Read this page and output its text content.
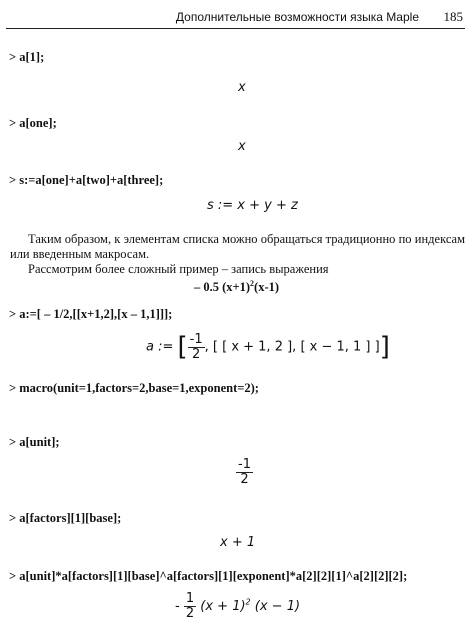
Дополнительные возможности языка Maple 185
> a[1];
x
> a[one];
x
> s:=a[one]+a[two]+a[three];
s := x + y + z

Таким образом, к элементам списка можно обращаться традиционно по индексам или введенным макросам.

Рассмотрим более сложный пример – запись выражения

– 0.5 $(x+1)^2(x-1)$
> a:=[ – 1/2,[[x+1,2],[x – 1,1]]];
a := [ $\frac{-1}{2}$ , [ [ x + 1, 2 ], [ x − 1, 1 ] ]]
> macro(unit=1,factors=2,base=1,exponent=2);
> a[unit];
$\frac{-1}{2}$
> a[factors][1][base];
x + 1
> a[unit]*a[factors][1][base]^a[factors][1][exponent]*a[2][2][1]^a[2][2][2];
- $\frac{1}{2} (x + 1)^2$ (x − 1)
